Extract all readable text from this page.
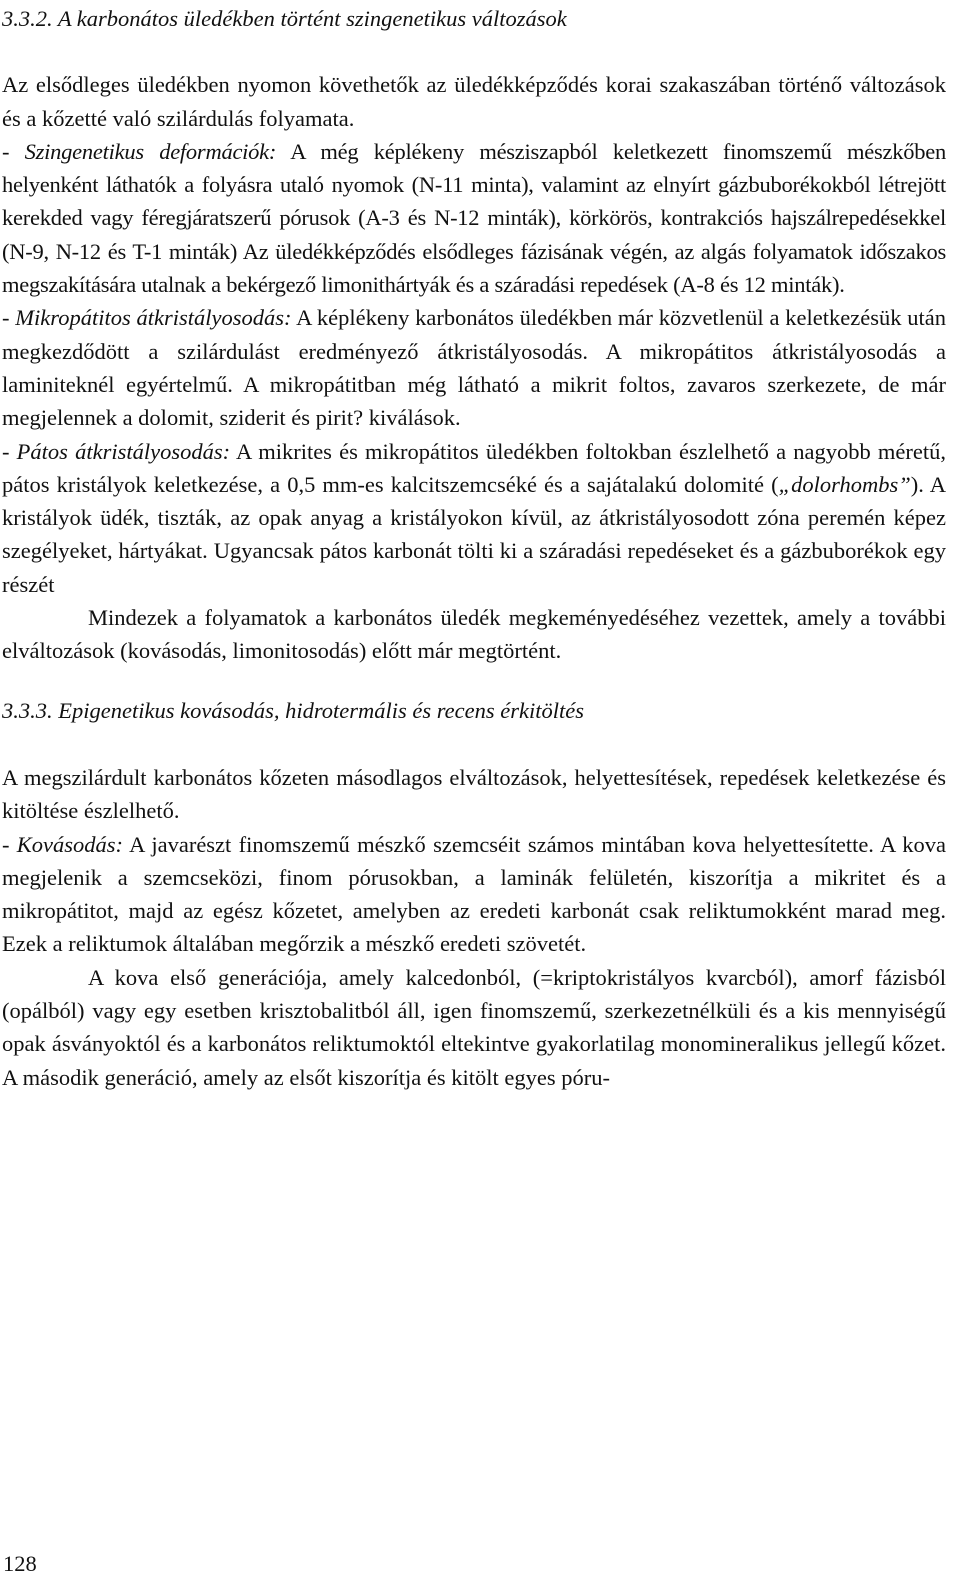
3.3.2. A karbonátos üledékben történt szingenetikus változások

Az elsődleges üledékben nyomon követhetők az üledékképződés korai szakaszában történő változások és a kőzetté való szilárdulás folyamata.

- Szingenetikus deformációk: A még képlékeny mésziszapból keletkezett finomszemű mészkőben helyenként láthatók a folyásra utaló nyomok (N-11 minta), valamint az elnyírt gázbuborékokból létrejött kerekded vagy féregjáratszerű pórusok (A-3 és N-12 minták), körkörös, kontrakciós hajszálrepedésekkel (N-9, N-12 és T-1 minták) Az üledékképződés elsődleges fázisának végén, az algás folyamatok időszakos megszakítására utalnak a bekérgező limonithártyák és a száradási repedések (A-8 és 12 minták).

- Mikropátitos átkristályosodás: A képlékeny karbonátos üledékben már közvetlenül a keletkezésük után megkezdődött a szilárdulást eredményező átkristályosodás. A mikropátitos átkristályosodás a laminiteknél egyértelmű. A mikropátitban még látható a mikrit foltos, zavaros szerkezete, de már megjelennek a dolomit, sziderit és pirit? kiválások.

- Pátos átkristályosodás: A mikrites és mikropátitos üledékben foltokban észlelhető a nagyobb méretű, pátos kristályok keletkezése, a 0,5 mm-es kalcitszemcséké és a sajátalakú dolomité („dolorhombs”). A kristályok üdék, tiszták, az opak anyag a kristályokon kívül, az átkristályosodott zóna peremén képez szegélyeket, hártyákat. Ugyancsak pátos karbonát tölti ki a száradási repedéseket és a gázbuborékok egy részét

Mindezek a folyamatok a karbonátos üledék megkeményedéséhez vezettek, amely a további elváltozások (kovásodás, limonitosodás) előtt már megtörtént.

3.3.3. Epigenetikus kovásodás, hidrotermális és recens érkitöltés

A megszilárdult karbonátos kőzeten másodlagos elváltozások, helyettesítések, repedések keletkezése és kitöltése észlelhető.

- Kovásodás: A javarészt finomszemű mészkő szemcséit számos mintában kova helyettesítette. A kova megjelenik a szemcseközi, finom pórusokban, a laminák felületén, kiszorítja a mikritet és a mikropátitot, majd az egész kőzetet, amelyben az eredeti karbonát csak reliktumokként marad meg. Ezek a reliktumok általában megőrzik a mészkő eredeti szövetét.

A kova első generációja, amely kalcedonból, (=kriptokristályos kvarcból), amorf fázisból (opálból) vagy egy esetben krisztobalitból áll, igen finomszemű, szerkezetnélküli és a kis mennyiségű opak ásványoktól és a karbonátos reliktumoktól eltekintve gyakorlatilag monomineralikus jellegű kőzet. A második generáció, amely az elsőt kiszorítja és kitölt egyes póru-

128
